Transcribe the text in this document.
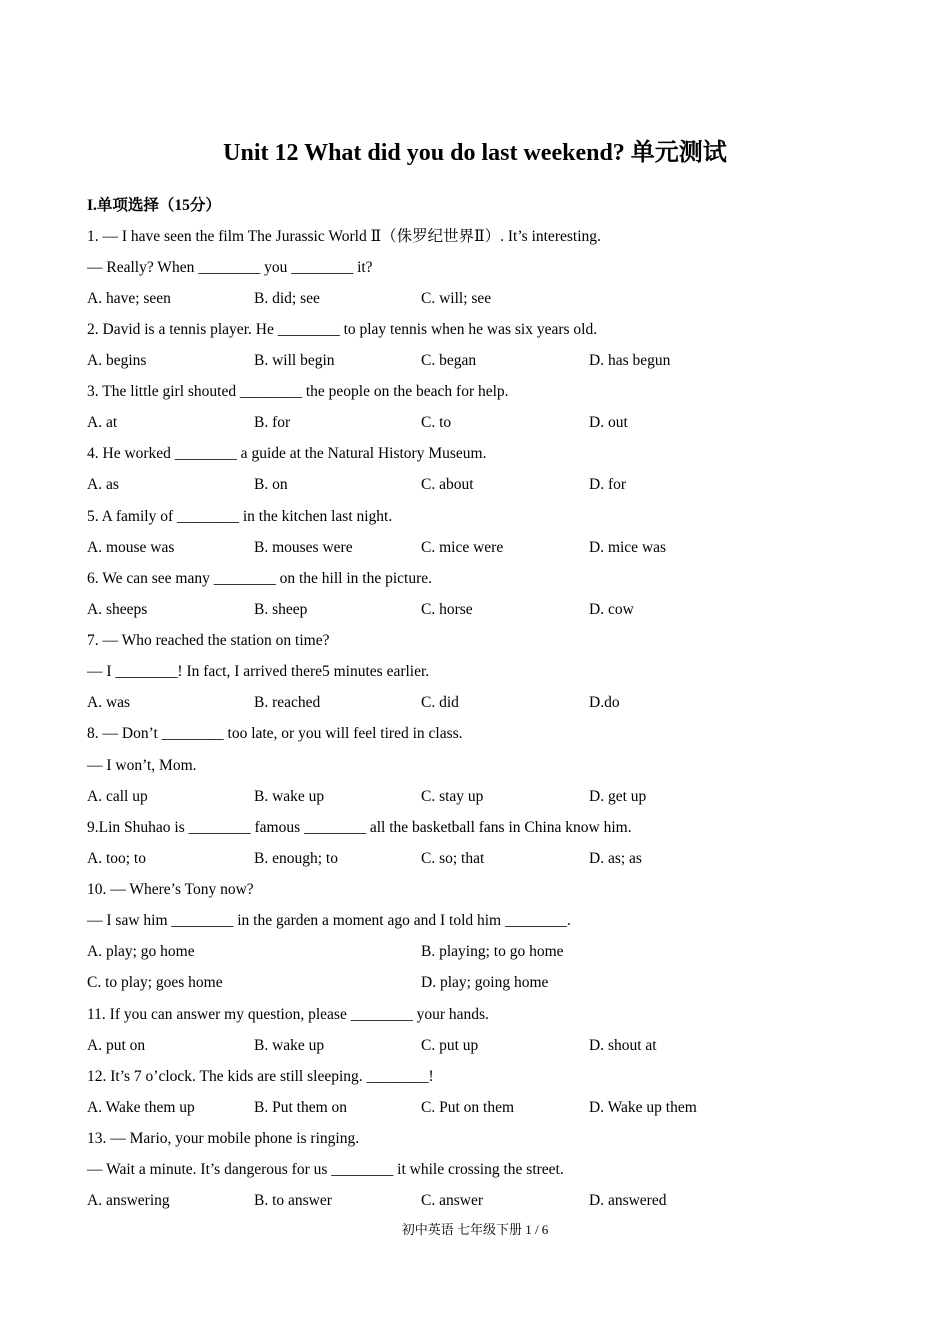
Unit 12 What did you do last weekend? 单元测试
I.单项选择（15分）
1. — I have seen the film The Jurassic World Ⅱ（侏罗纪世界Ⅱ）. It’s interesting.
— Really? When ________ you ________ it?
A. have; seen	B. did; see	C. will; see
2. David is a tennis player. He ________ to play tennis when he was six years old.
A. begins	B. will begin	C. began	D. has begun
3. The little girl shouted ________ the people on the beach for help.
A. at	B. for	C. to	D. out
4. He worked ________ a guide at the Natural History Museum.
A. as	B. on	C. about	D. for
5. A family of ________ in the kitchen last night.
A. mouse was	B. mouses were	C. mice were	D. mice was
6. We can see many ________ on the hill in the picture.
A. sheeps	B. sheep	C. horse	D. cow
7. — Who reached the station on time?
— I ________! In fact, I arrived there5 minutes earlier.
A. was	B. reached	C. did	D.do
8. — Don’t ________ too late, or you will feel tired in class.
— I won’t, Mom.
A. call up	B. wake up	C. stay up	D. get up
9.Lin Shuhao is ________ famous ________ all the basketball fans in China know him.
A. too; to	B. enough; to	C. so; that	D. as; as
10. — Where’s Tony now?
— I saw him ________ in the garden a moment ago and I told him ________.
A. play; go home	B. playing; to go home
C. to play; goes home	D. play; going home
11. If you can answer my question, please ________ your hands.
A. put on	B. wake up	C. put up	D. shout at
12. It’s 7 o’clock. The kids are still sleeping. ________!
A. Wake them up	B. Put them on	C. Put on them	D. Wake up them
13. — Mario, your mobile phone is ringing.
— Wait a minute. It’s dangerous for us ________ it while crossing the street.
A. answering	B. to answer	C. answer	D. answered
初中英语 七年级下册 1 / 6
